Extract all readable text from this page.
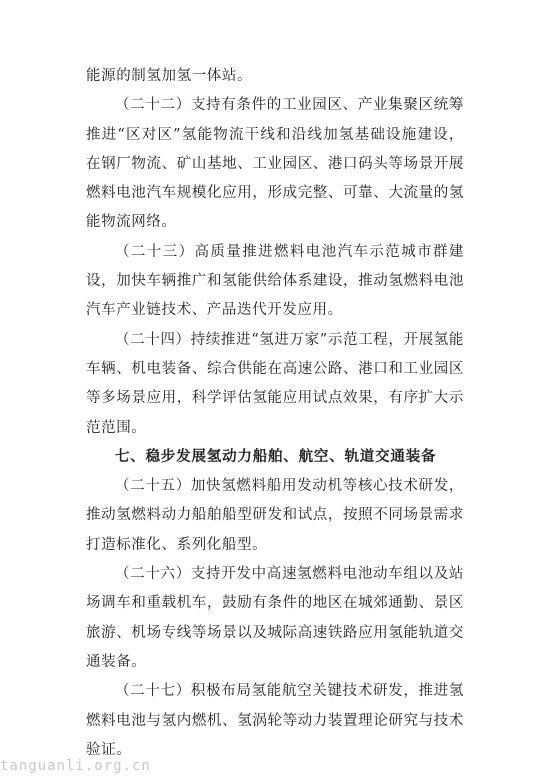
能源的制氢加氢一体站。

（二十二）支持有条件的工业园区、产业集聚区统筹推进“区对区”氢能物流干线和沿线加氢基础设施建设，在钢厂物流、矿山基地、工业园区、港口码头等场景开展燃料电池汽车规模化应用，形成完整、可靠、大流量的氢能物流网络。

（二十三）高质量推进燃料电池汽车示范城市群建设，加快车辆推广和氢能供给体系建设，推动氢燃料电池汽车产业链技术、产品迭代开发应用。

（二十四）持续推进“氢进万家”示范工程，开展氢能车辆、机电装备、综合供能在高速公路、港口和工业园区等多场景应用，科学评估氢能应用试点效果，有序扩大示范范围。

七、稳步发展氢动力船舶、航空、轨道交通装备

（二十五）加快氢燃料船用发动机等核心技术研发，推动氢燃料动力船舶船型研发和试点，按照不同场景需求打造标准化、系列化船型。

（二十六）支持开发中高速氢燃料电池动车组以及站场调车和重载机车，鼓励有条件的地区在城郊通勤、景区旅游、机场专线等场景以及城际高速铁路应用氢能轨道交通装备。

（二十七）积极布局氢能航空关键技术研发，推进氢燃料电池与氢内燃机、氢涡轮等动力装置理论研究与技术验证。

tanguanli.org.cn
